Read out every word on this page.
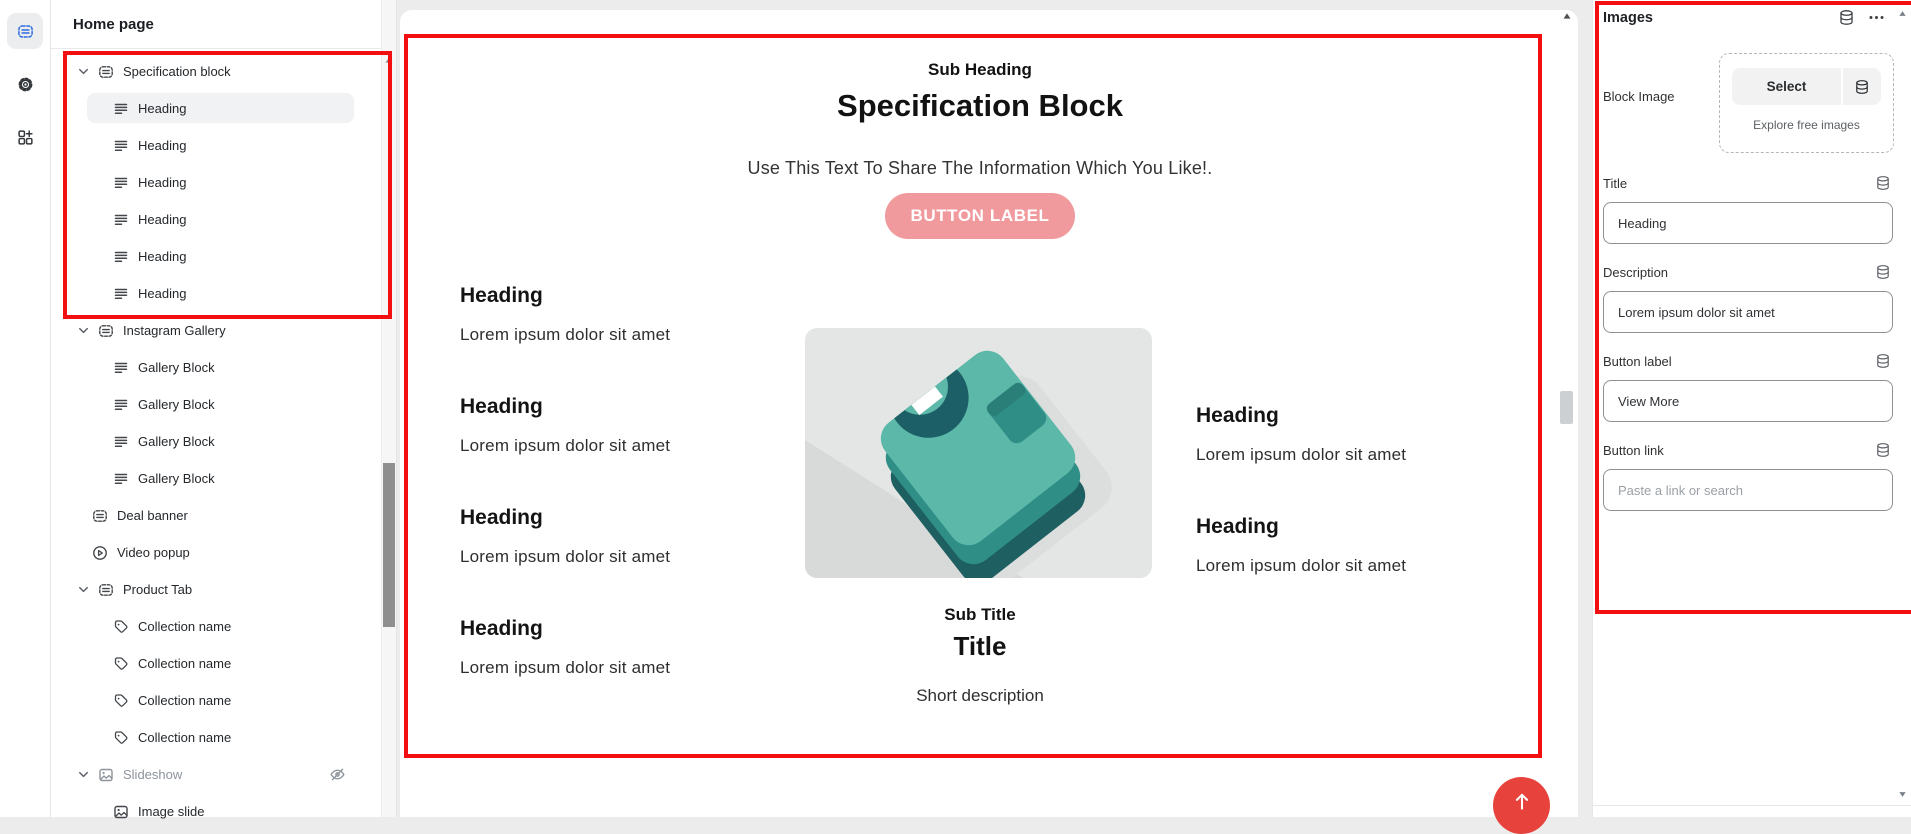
Home page
Specification block
Heading
Heading
Heading
Heading
Heading
Heading
Instagram Gallery
Gallery Block
Gallery Block
Gallery Block
Gallery Block
Deal banner
Video popup
Product Tab
Collection name
Collection name
Collection name
Collection name
Slideshow
Image slide
Sub Heading
Specification Block
Use This Text To Share The Information Which You Like!.
BUTTON LABEL
Heading
Lorem ipsum dolor sit amet
Heading
Lorem ipsum dolor sit amet
Heading
Lorem ipsum dolor sit amet
Heading
Lorem ipsum dolor sit amet
Heading
Lorem ipsum dolor sit amet
Heading
Lorem ipsum dolor sit amet
Sub Title
Title
Short description
Images
Block Image
Select
Explore free images
Title
Heading
Description
Lorem ipsum dolor sit amet
Button label
View More
Button link
Paste a link or search
